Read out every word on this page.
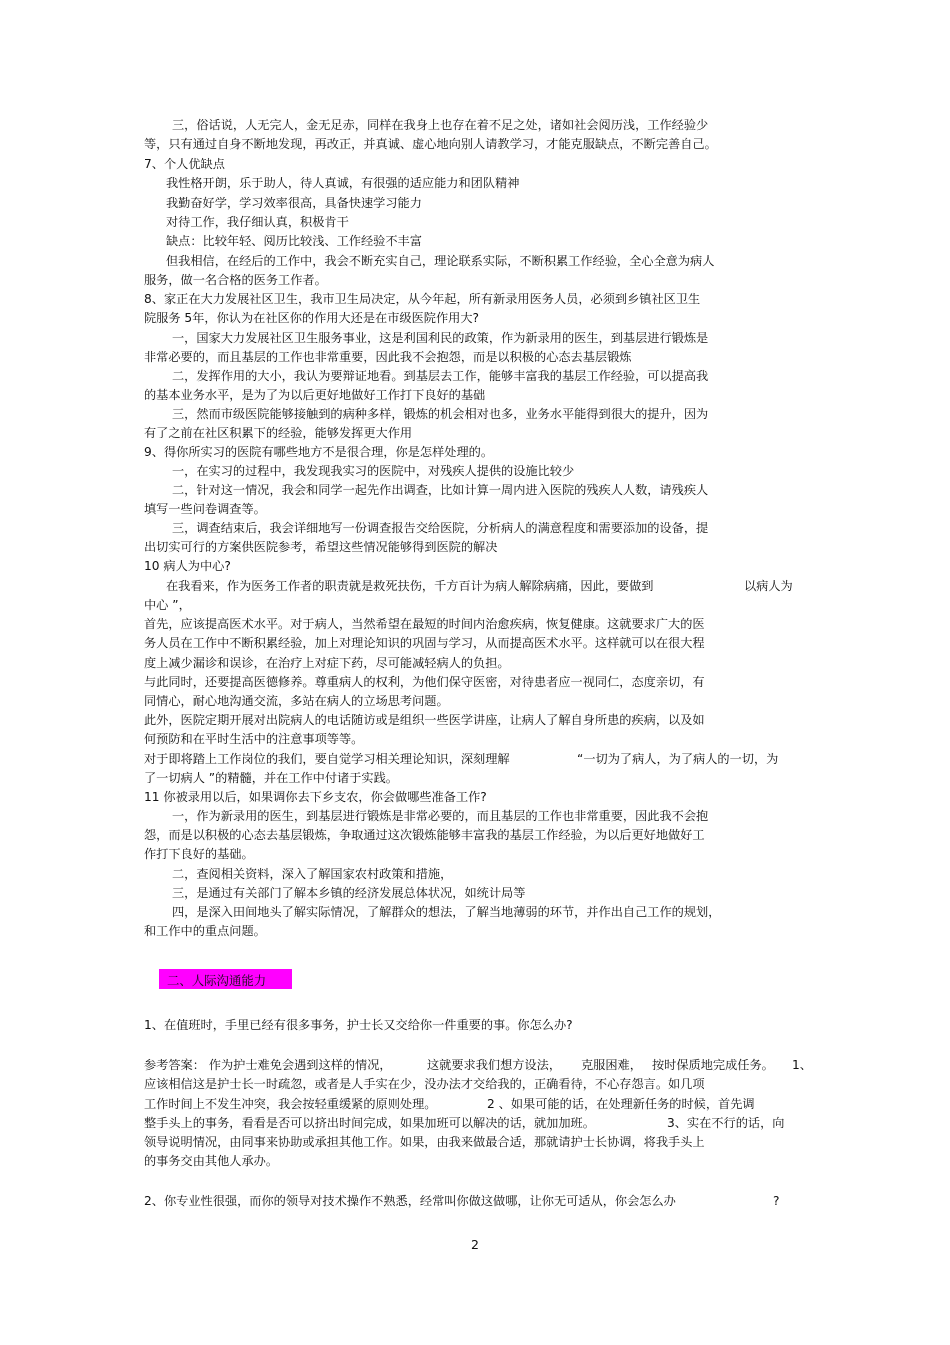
三，俗话说，人无完人，金无足赤，同样在我身上也存在着不足之处，诸如社会阅历浅，工作经验少
等，只有通过自身不断地发现，再改正，并真诚、虚心地向别人请教学习，才能克服缺点，不断完善自己。
7、个人优缺点
我性格开朗，乐于助人，待人真诚，有很强的适应能力和团队精神
我勤奋好学，学习效率很高，具备快速学习能力
对待工作，我仔细认真，积极肯干
缺点：比较年轻、阅历比较浅、工作经验不丰富
但我相信，在经后的工作中，我会不断充实自己，理论联系实际，不断积累工作经验，全心全意为病人
服务，做一名合格的医务工作者。
8、家正在大力发展社区卫生，我市卫生局决定，从今年起，所有新录用医务人员，必须到乡镇社区卫生
院服务 5年，你认为在社区你的作用大还是在市级医院作用大?
一，国家大力发展社区卫生服务事业，这是利国利民的政策，作为新录用的医生，到基层进行锻炼是
非常必要的，而且基层的工作也非常重要，因此我不会抱怨，而是以积极的心态去基层锻炼
二，发挥作用的大小，我认为要辩证地看。到基层去工作，能够丰富我的基层工作经验，可以提高我
的基本业务水平，是为了为以后更好地做好工作打下良好的基础
三，然而市级医院能够接触到的病种多样，锻炼的机会相对也多，业务水平能得到很大的提升，因为
有了之前在社区积累下的经验，能够发挥更大作用
9、得你所实习的医院有哪些地方不是很合理，你是怎样处理的。
一，在实习的过程中，我发现我实习的医院中，对残疾人提供的设施比较少
二，针对这一情况，我会和同学一起先作出调查，比如计算一周内进入医院的残疾人人数，请残疾人
填写一些问卷调查等。
三，调查结束后，我会详细地写一份调查报告交给医院，分析病人的满意程度和需要添加的设备，提
出切实可行的方案供医院参考，希望这些情况能够得到医院的解决
10 病人为中心?
在我看来，作为医务工作者的职责就是救死扶伤，千方百计为病人解除病痛，因此，要做到	以病人为
中心 ”，
首先，应该提高医术水平。对于病人，当然希望在最短的时间内治愈疾病，恢复健康。这就要求广大的医
务人员在工作中不断积累经验，加上对理论知识的巩固与学习，从而提高医术水平。这样就可以在很大程
度上减少漏诊和误诊，在治疗上对症下药，尽可能减轻病人的负担。
与此同时，还要提高医德修养。尊重病人的权利，为他们保守医密，对待患者应一视同仁，态度亲切，有
同情心，耐心地沟通交流，多站在病人的立场思考问题。
此外，医院定期开展对出院病人的电话随访或是组织一些医学讲座，让病人了解自身所患的疾病，以及如
何预防和在平时生活中的注意事项等等。
对于即将踏上工作岗位的我们，要自觉学习相关理论知识，深刻理解	“一切为了病人，为了病人的一切，为
了一切病人 ”的精髓，并在工作中付诸于实践。
11 你被录用以后，如果调你去下乡支农，你会做哪些准备工作?
一，作为新录用的医生，到基层进行锻炼是非常必要的，而且基层的工作也非常重要，因此我不会抱
怨，而是以积极的心态去基层锻炼，争取通过这次锻炼能够丰富我的基层工作经验，为以后更好地做好工
作打下良好的基础。
二，查阅相关资料，深入了解国家农村政策和措施，
三，是通过有关部门了解本乡镇的经济发展总体状况，如统计局等
四，是深入田间地头了解实际情况，了解群众的想法，了解当地薄弱的环节，并作出自己工作的规划，
和工作中的重点问题。
二、人际沟通能力
1、在值班时，手里已经有很多事务，护士长又交给你一件重要的事。你怎么办?
参考答案： 作为护士难免会遇到这样的情况，	这就要求我们想方设法， 克服困难， 按时保质地完成任务。 1、
应该相信这是护士长一时疏忽，或者是人手实在少，没办法才交给我的，正确看待，不心存怨言。如几项
工作时间上不发生冲突，我会按轻重缓紧的原则处理。	2 、如果可能的话，在处理新任务的时候，首先调
整手头上的事务，看看是否可以挤出时间完成，如果加班可以解决的话，就加加班。	3、实在不行的话，向
领导说明情况，由同事来协助或承担其他工作。如果，由我来做最合适，那就请护士长协调，将我手头上
的事务交由其他人承办。
2、你专业性很强，而你的领导对技术操作不熟悉，经常叫你做这做哪，让你无可适从，你会怎么办	?
2
